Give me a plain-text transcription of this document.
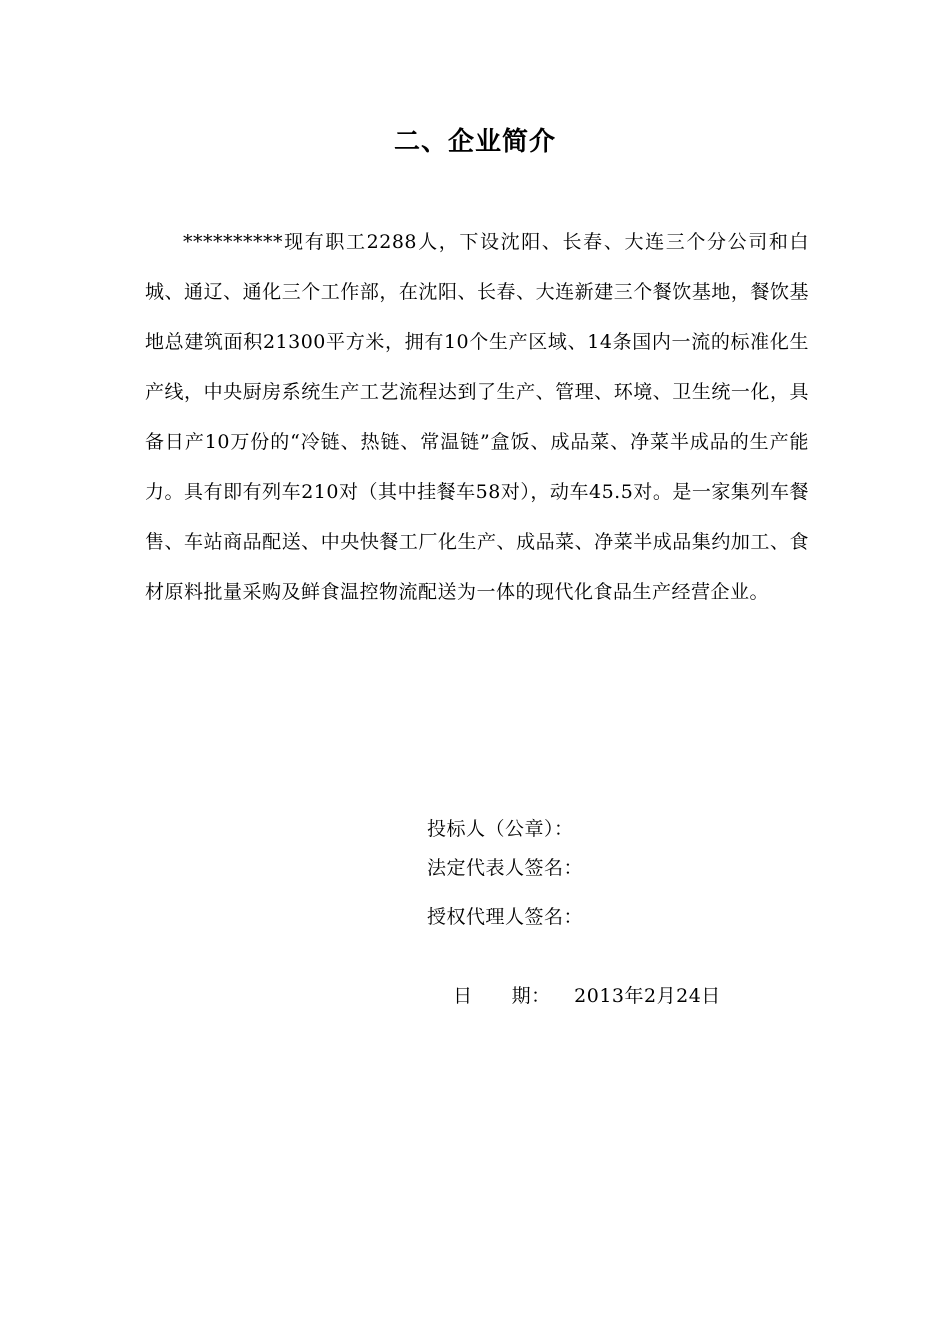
二、企业简介

**********现有职工2288人，下设沈阳、长春、大连三个分公司和白城、通辽、通化三个工作部，在沈阳、长春、大连新建三个餐饮基地，餐饮基地总建筑面积21300平方米，拥有10个生产区域、14条国内一流的标准化生产线，中央厨房系统生产工艺流程达到了生产、管理、环境、卫生统一化，具备日产10万份的“冷链、热链、常温链”盒饭、成品菜、净菜半成品的生产能力。具有即有列车210对（其中挂餐车58对），动车45.5对。是一家集列车餐售、车站商品配送、中央快餐工厂化生产、成品菜、净菜半成品集约加工、食材原料批量采购及鲜食温控物流配送为一体的现代化食品生产经营企业。

投标人（公章）：
法定代表人签名：
授权代理人签名：

日　　期： 2013年2月24日
